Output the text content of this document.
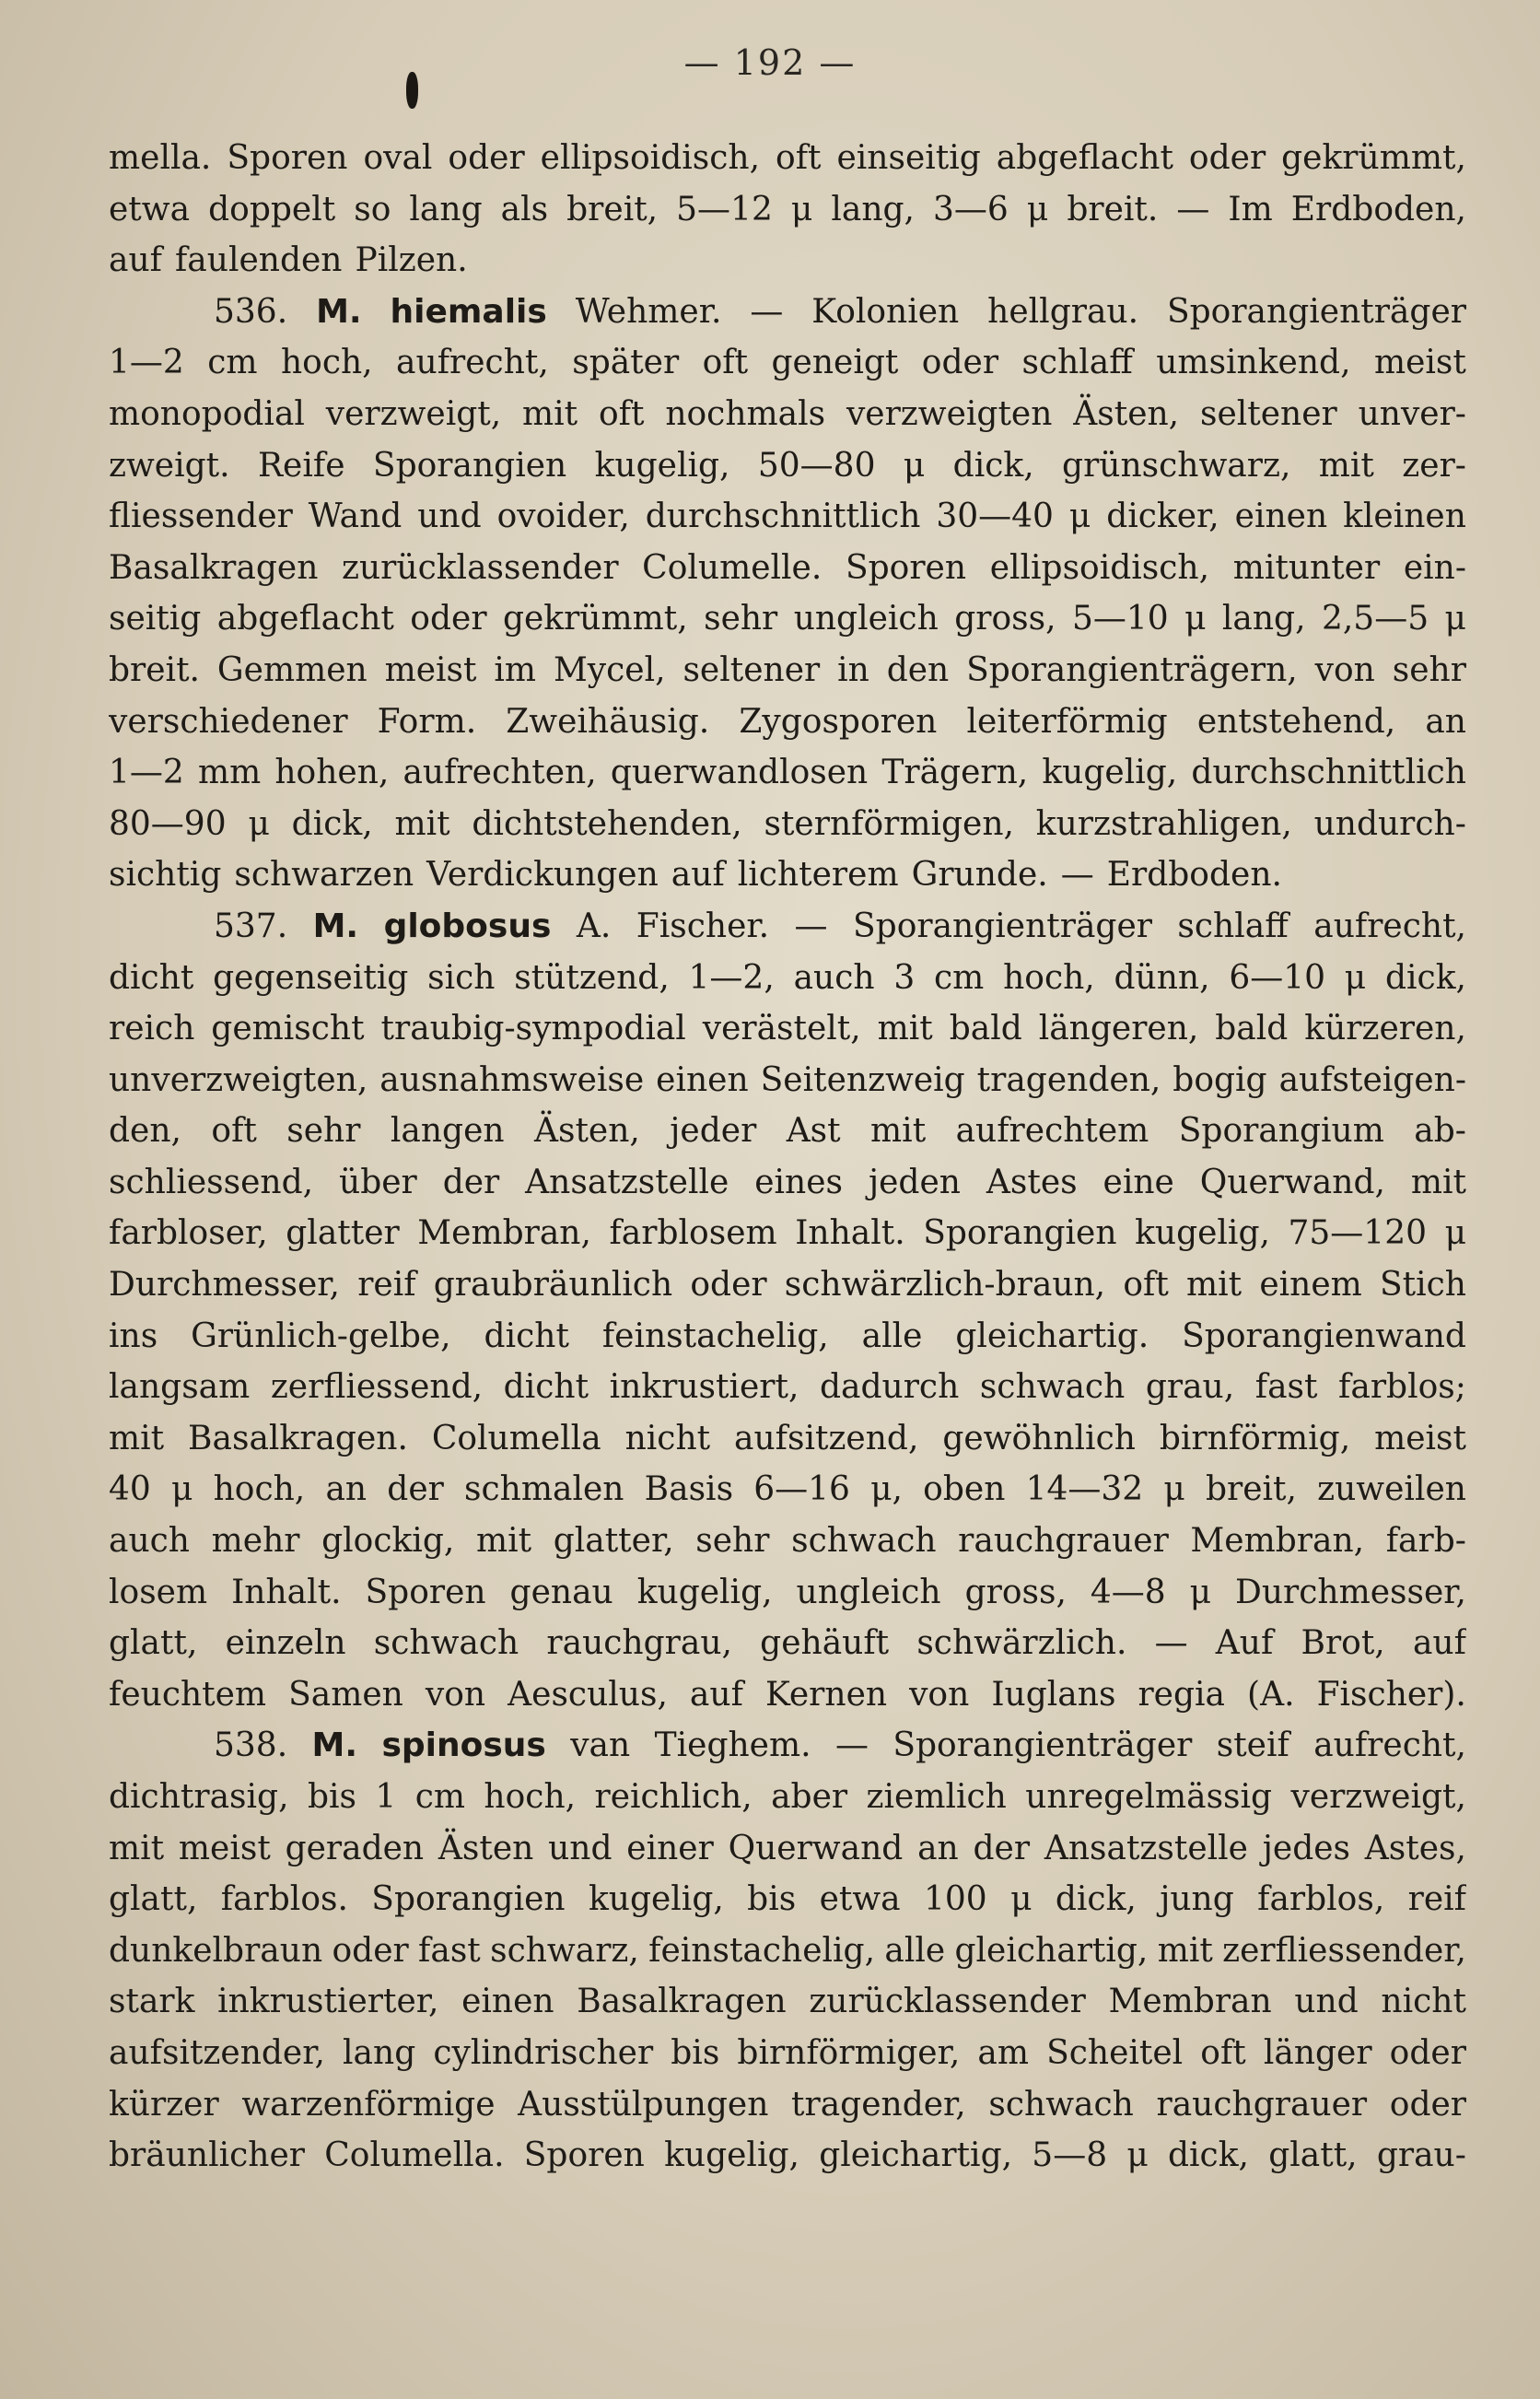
— 192 —
mella. Sporen oval oder ellipsoidisch, oft einseitig abgeflacht oder gekrümmt,
etwa doppelt so lang als breit, 5—12 μ lang, 3—6 μ breit. — Im Erdboden,
auf faulenden Pilzen.
536. M. hiemalis Wehmer. — Kolonien hellgrau. Sporangienträger
1—2 cm hoch, aufrecht, später oft geneigt oder schlaff umsinkend, meist
monopodial verzweigt, mit oft nochmals verzweigten Ästen, seltener unver-
zweigt. Reife Sporangien kugelig, 50—80 μ dick, grünschwarz, mit zer-
fliessender Wand und ovoider, durchschnittlich 30—40 μ dicker, einen kleinen
Basalkragen zurücklassender Columelle. Sporen ellipsoidisch, mitunter ein-
seitig abgeflacht oder gekrümmt, sehr ungleich gross, 5—10 μ lang, 2,5—5 μ
breit. Gemmen meist im Mycel, seltener in den Sporangienträgern, von sehr
verschiedener Form. Zweihäusig. Zygosporen leiterförmig entstehend, an
1—2 mm hohen, aufrechten, querwandlosen Trägern, kugelig, durchschnittlich
80—90 μ dick, mit dichtstehenden, sternförmigen, kurzstrahligen, undurch-
sichtig schwarzen Verdickungen auf lichterem Grunde. — Erdboden.
537. M. globosus A. Fischer. — Sporangienträger schlaff aufrecht,
dicht gegenseitig sich stützend, 1—2, auch 3 cm hoch, dünn, 6—10 μ dick,
reich gemischt traubig-sympodial verästelt, mit bald längeren, bald kürzeren,
unverzweigten, ausnahmsweise einen Seitenzweig tragenden, bogig aufsteigen-
den, oft sehr langen Ästen, jeder Ast mit aufrechtem Sporangium ab-
schliessend, über der Ansatzstelle eines jeden Astes eine Querwand, mit
farbloser, glatter Membran, farblosem Inhalt. Sporangien kugelig, 75—120 μ
Durchmesser, reif graubräunlich oder schwärzlich-braun, oft mit einem Stich
ins Grünlich-gelbe, dicht feinstachelig, alle gleichartig. Sporangienwand
langsam zerfliessend, dicht inkrustiert, dadurch schwach grau, fast farblos;
mit Basalkragen. Columella nicht aufsitzend, gewöhnlich birnförmig, meist
40 μ hoch, an der schmalen Basis 6—16 μ, oben 14—32 μ breit, zuweilen
auch mehr glockig, mit glatter, sehr schwach rauchgrauer Membran, farb-
losem Inhalt. Sporen genau kugelig, ungleich gross, 4—8 μ Durchmesser,
glatt, einzeln schwach rauchgrau, gehäuft schwärzlich. — Auf Brot, auf
feuchtem Samen von Aesculus, auf Kernen von Iuglans regia (A. Fischer).
538. M. spinosus van Tieghem. — Sporangienträger steif aufrecht,
dichtrasig, bis 1 cm hoch, reichlich, aber ziemlich unregelmässig verzweigt,
mit meist geraden Ästen und einer Querwand an der Ansatzstelle jedes Astes,
glatt, farblos. Sporangien kugelig, bis etwa 100 μ dick, jung farblos, reif
dunkelbraun oder fast schwarz, feinstachelig, alle gleichartig, mit zerfliessender,
stark inkrustierter, einen Basalkragen zurücklassender Membran und nicht
aufsitzender, lang cylindrischer bis birnförmiger, am Scheitel oft länger oder
kürzer warzenförmige Ausstülpungen tragender, schwach rauchgrauer oder
bräunlicher Columella. Sporen kugelig, gleichartig, 5—8 μ dick, glatt, grau-
